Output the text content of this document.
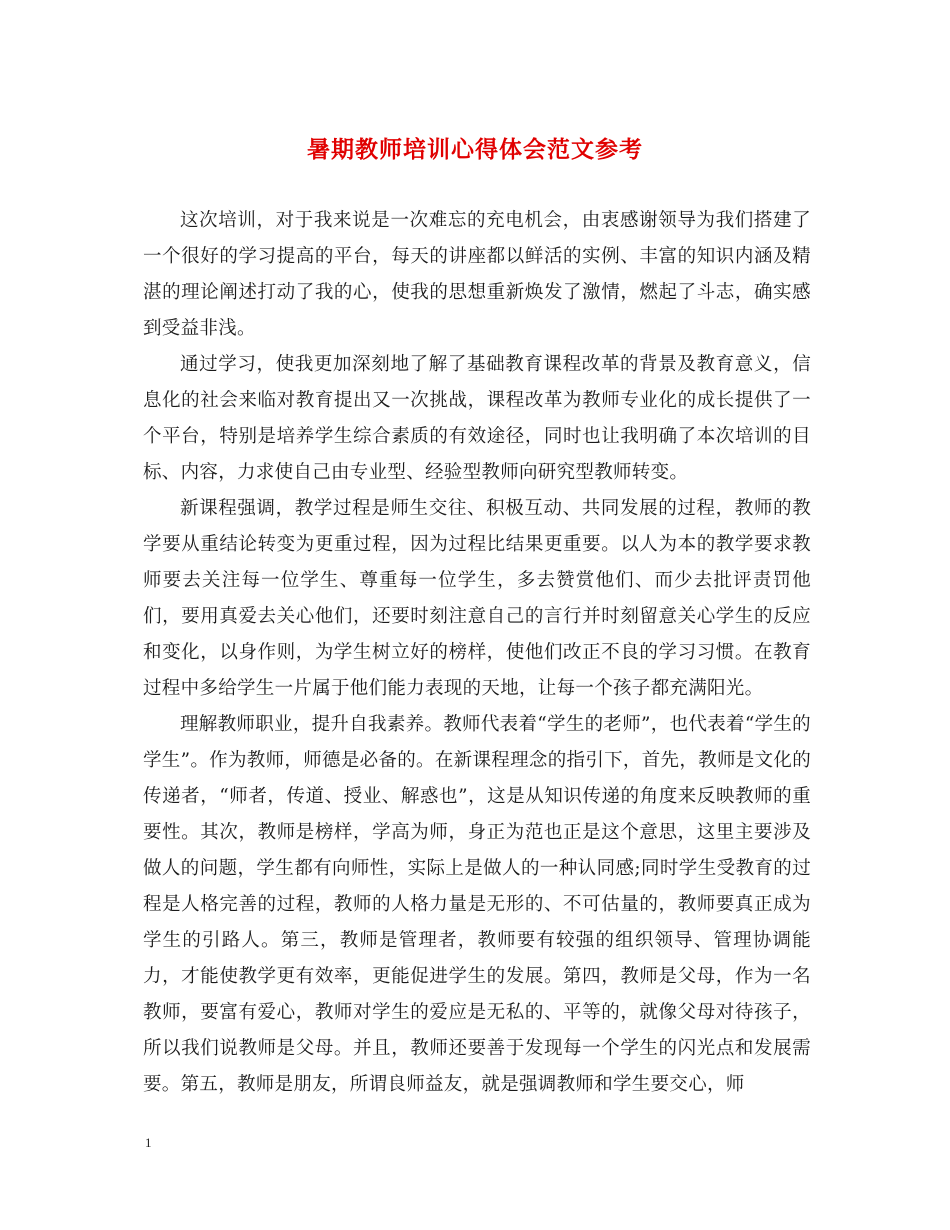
暑期教师培训心得体会范文参考

这次培训，对于我来说是一次难忘的充电机会，由衷感谢领导为我们搭建了一个很好的学习提高的平台，每天的讲座都以鲜活的实例、丰富的知识内涵及精湛的理论阐述打动了我的心，使我的思想重新焕发了激情，燃起了斗志，确实感到受益非浅。

通过学习，使我更加深刻地了解了基础教育课程改革的背景及教育意义，信息化的社会来临对教育提出又一次挑战，课程改革为教师专业化的成长提供了一个平台，特别是培养学生综合素质的有效途径，同时也让我明确了本次培训的目标、内容，力求使自己由专业型、经验型教师向研究型教师转变。

新课程强调，教学过程是师生交往、积极互动、共同发展的过程，教师的教学要从重结论转变为更重过程，因为过程比结果更重要。以人为本的教学要求教师要去关注每一位学生、尊重每一位学生，多去赞赏他们、而少去批评责罚他们，要用真爱去关心他们，还要时刻注意自己的言行并时刻留意关心学生的反应和变化，以身作则，为学生树立好的榜样，使他们改正不良的学习习惯。在教育过程中多给学生一片属于他们能力表现的天地，让每一个孩子都充满阳光。

理解教师职业，提升自我素养。教师代表着“学生的老师”，也代表着“学生的学生”。作为教师，师德是必备的。在新课程理念的指引下，首先，教师是文化的传递者，“师者，传道、授业、解惑也”，这是从知识传递的角度来反映教师的重要性。其次，教师是榜样，学高为师，身正为范也正是这个意思，这里主要涉及做人的问题，学生都有向师性，实际上是做人的一种认同感;同时学生受教育的过程是人格完善的过程，教师的人格力量是无形的、不可估量的，教师要真正成为学生的引路人。第三，教师是管理者，教师要有较强的组织领导、管理协调能力，才能使教学更有效率，更能促进学生的发展。第四，教师是父母，作为一名教师，要富有爱心，教师对学生的爱应是无私的、平等的，就像父母对待孩子，所以我们说教师是父母。并且，教师还要善于发现每一个学生的闪光点和发展需要。第五，教师是朋友，所谓良师益友，就是强调教师和学生要交心，师

1
